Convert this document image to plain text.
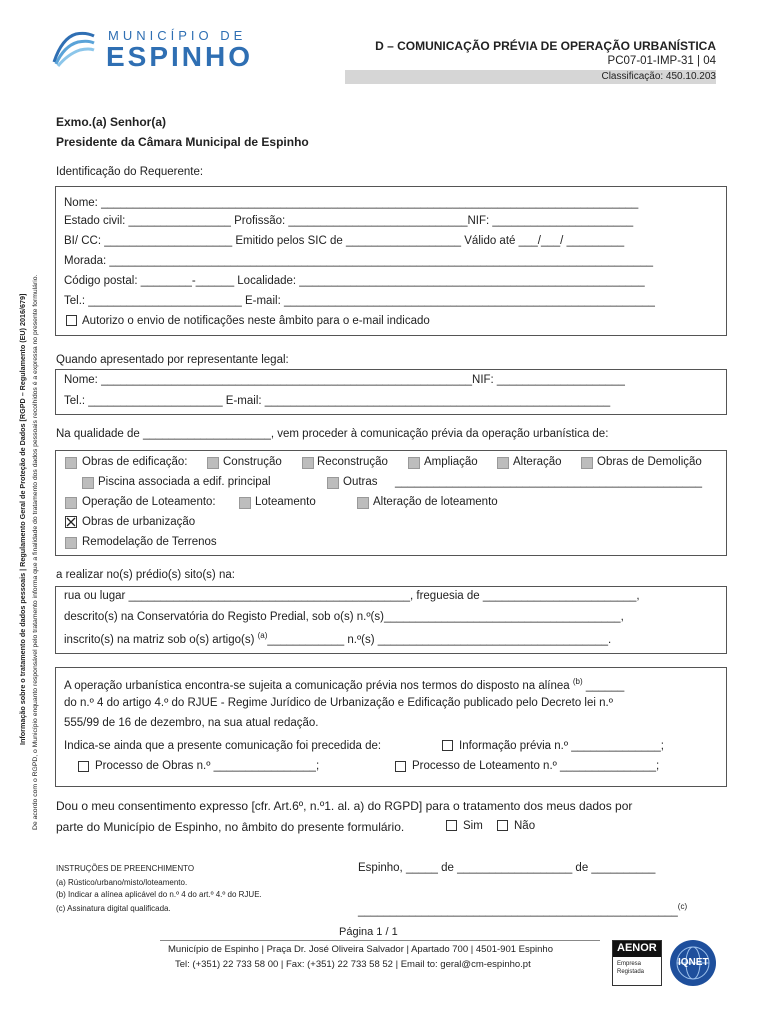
MUNICÍPIO DE
ESPINHO	D – COMUNICAÇÃO PRÉVIA DE OPERAÇÃO URBANÍSTICA
PC07-01-IMP-31 | 04
Classificação: 450.10.203
Informação sobre o tratamento de dados pessoais | Regulamento Geral de Proteção de Dados [RGPD – Regulamento (EU) 2016/679] De acordo com o RGPD, o Município enquanto responsável pelo tratamento informa que a finalidade do tratamento dos dados pessoais recolhidos é a expressa no presente formulário.
Exmo.(a) Senhor(a)
Presidente da Câmara Municipal de Espinho
Identificação do Requerente:
Nome: ____________________________________________________________________________________
Estado civil: ________________ Profissão: ____________________________NIF: ______________________
BI/ CC: ____________________ Emitido pelos SIC de __________________ Válido até ___/___/ _________
Morada: _____________________________________________________________________________________
Código postal: ________-______ Localidade: ______________________________________________________
Tel.: ________________________ E-mail: __________________________________________________________
Autorizo o envio de notificações neste âmbito para o e-mail indicado
Quando apresentado por representante legal:
Nome: __________________________________________________________NIF: ____________________
Tel.: _____________________ E-mail: ______________________________________________________
Na qualidade de ____________________, vem proceder à comunicação prévia da operação urbanística de:
Obras de edificação:	Construção	Reconstrução	Ampliação	Alteração	Obras de Demolição
Piscina associada a edif. principal	Outras ________________________________________________
Operação de Loteamento:	Loteamento	Alteração de loteamento
Obras de urbanização
Remodelação de Terrenos
a realizar no(s) prédio(s) sito(s) na:
rua ou lugar ____________________________________________, freguesia de ________________________,
descrito(s) na Conservatória do Registo Predial, sob o(s) n.º(s)_____________________________________,
inscrito(s) na matriz sob o(s) artigo(s) $^{(a)}$____________ n.º(s) ____________________________________.
A operação urbanística encontra-se sujeita a comunicação prévia nos termos do disposto na alínea $^{(b)}$ ______
do n.º 4 do artigo 4.º do RJUE - Regime Jurídico de Urbanização e Edificação publicado pelo Decreto lei n.º
555/99 de 16 de dezembro, na sua atual redação.
Indica-se ainda que a presente comunicação foi precedida de:	Informação prévia n.º ______________;
Processo de Obras n.º ________________;	Processo de Loteamento n.º _______________;
Dou o meu consentimento expresso [cfr. Art.6º, n.º1. al. a) do RGPD] para o tratamento dos meus dados por
parte do Município de Espinho, no âmbito do presente formulário.	Sim	Não
INSTRUÇÕES DE PREENCHIMENTO
(a) Rústico/urbano/misto/loteamento.
(b) Indicar a alínea aplicável do n.º 4 do art.º 4.º do RJUE.
(c) Assinatura digital qualificada.
Espinho, _____ de __________________ de __________
__________________________________________________$^{(c)}$
Página 1 / 1
Município de Espinho | Praça Dr. José Oliveira Salvador | Apartado 700 | 4501-901 Espinho
Tel: (+351) 22 733 58 00 | Fax: (+351) 22 733 58 52 | Email to: geral@cm-espinho.pt
AENOR
Empresa
Registada
IQNET
